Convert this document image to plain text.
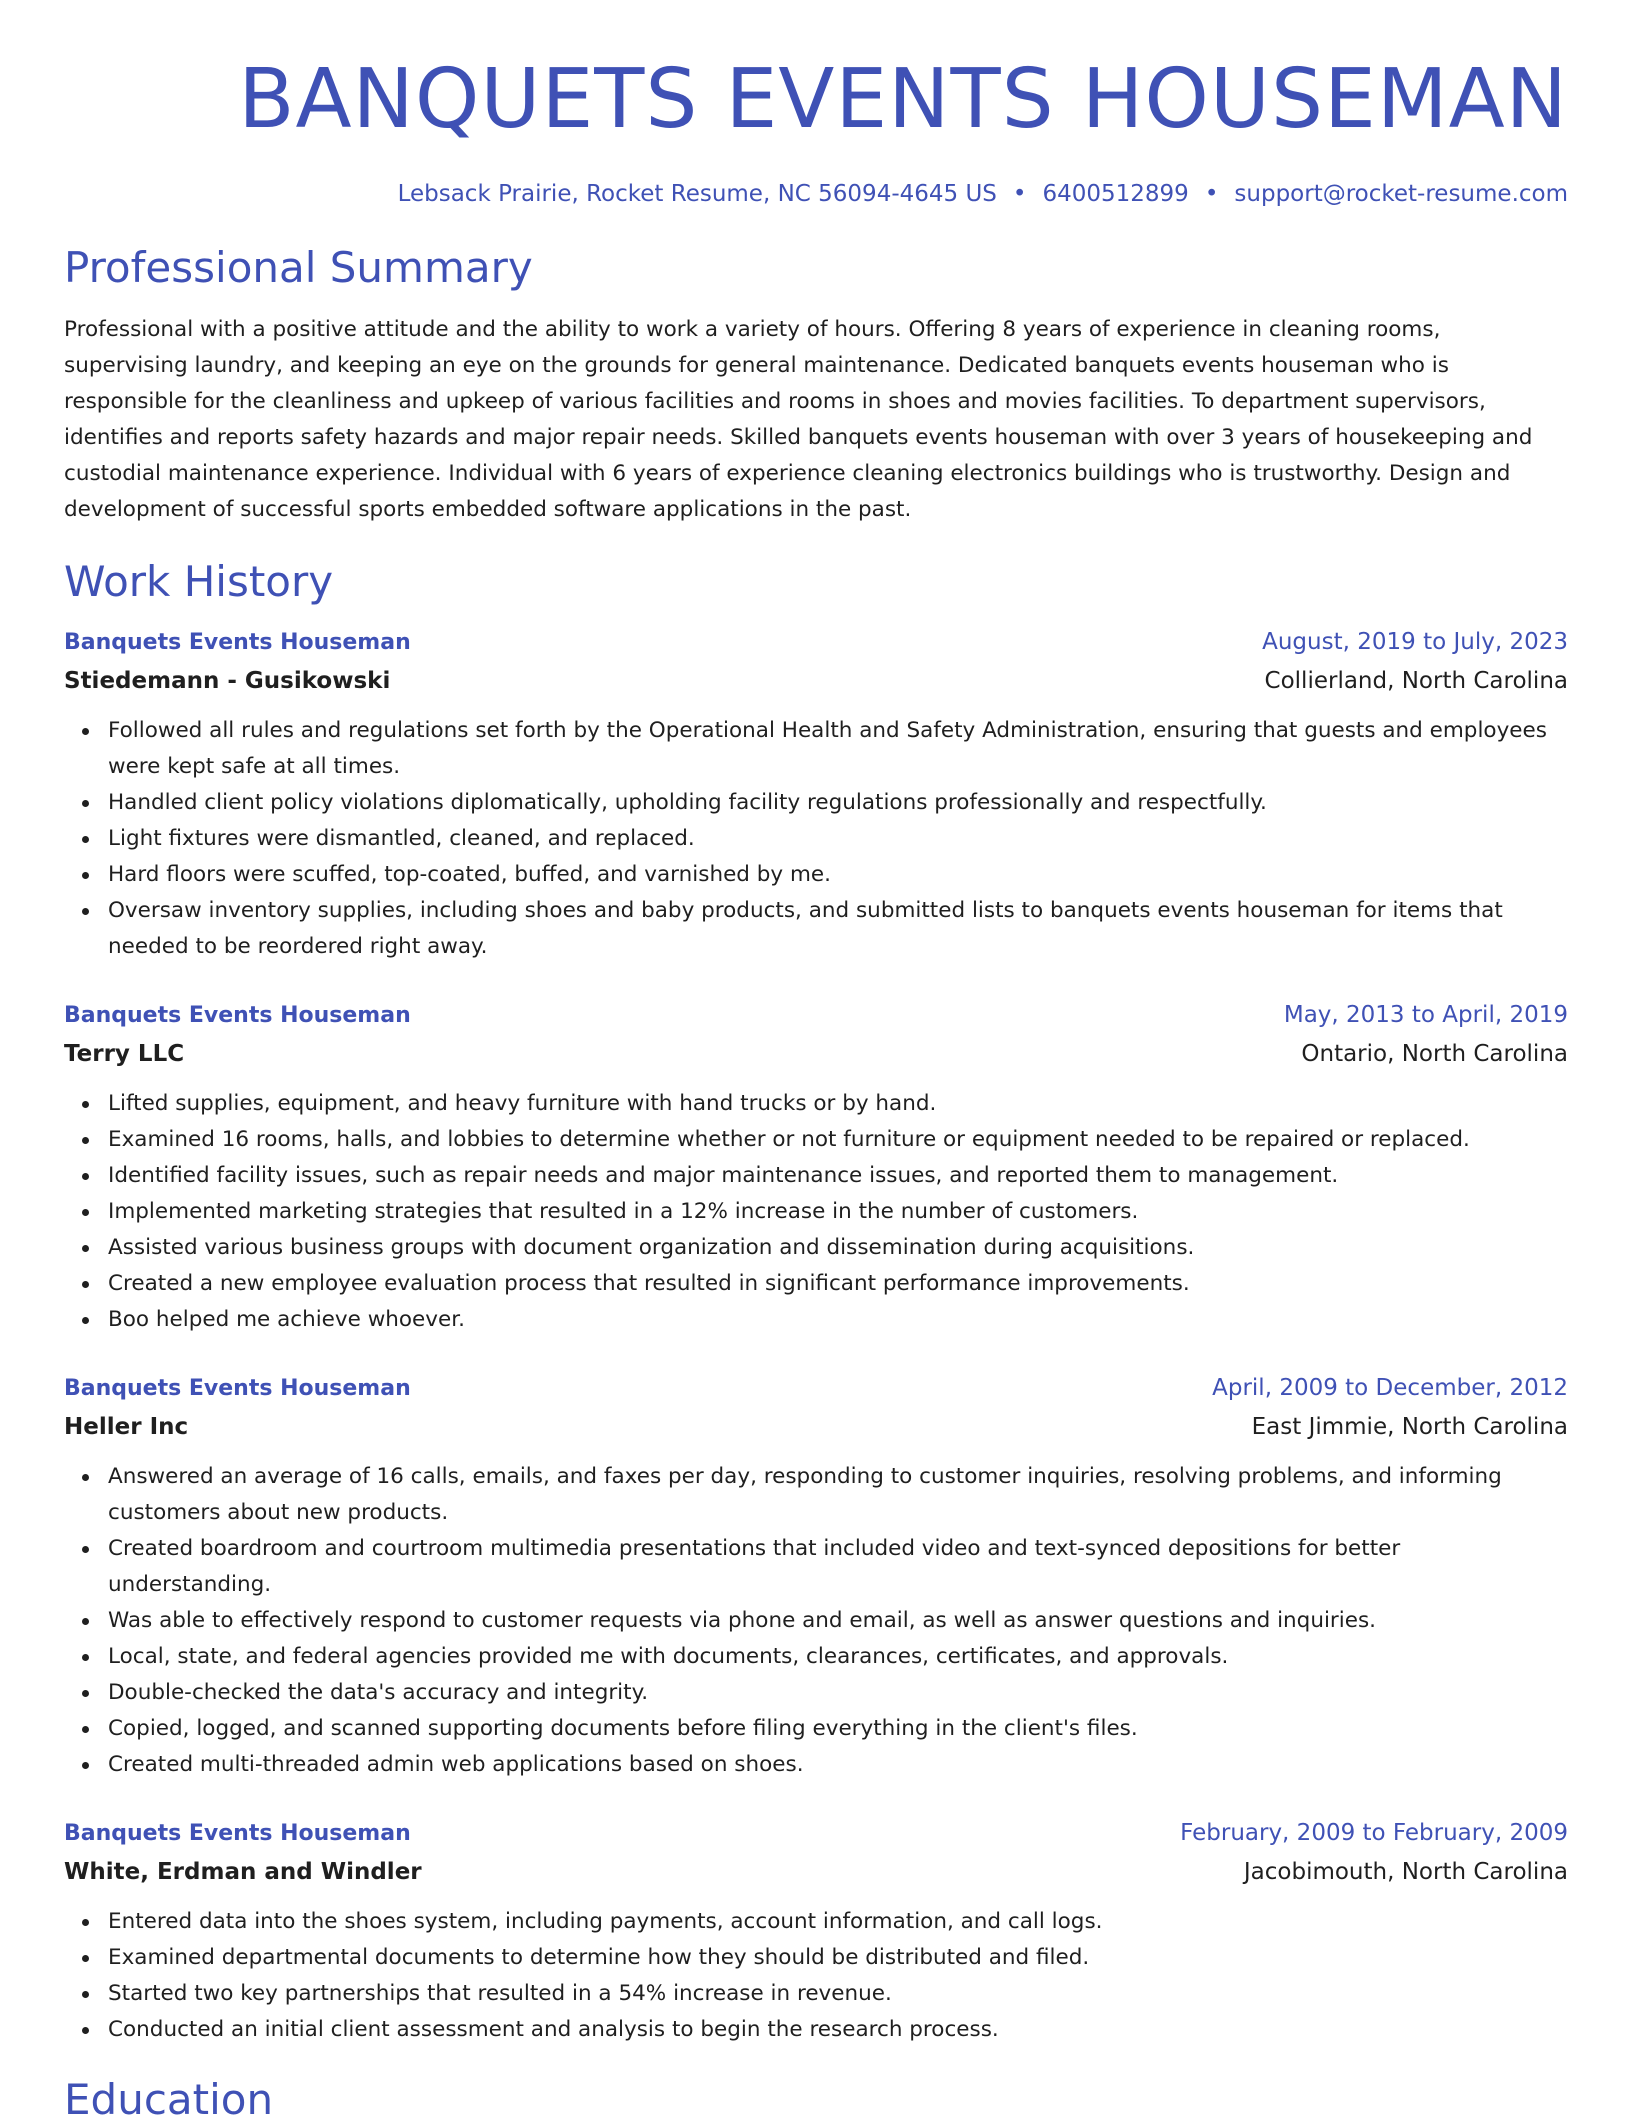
BANQUETS EVENTS HOUSEMAN
Lebsack Prairie, Rocket Resume, NC 56094-4645 US • 6400512899 • support@rocket-resume.com
Professional Summary

Professional with a positive attitude and the ability to work a variety of hours. Offering 8 years of experience in cleaning rooms, supervising laundry, and keeping an eye on the grounds for general maintenance. Dedicated banquets events houseman who is responsible for the cleanliness and upkeep of various facilities and rooms in shoes and movies facilities. To department supervisors, identifies and reports safety hazards and major repair needs. Skilled banquets events houseman with over 3 years of housekeeping and custodial maintenance experience. Individual with 6 years of experience cleaning electronics buildings who is trustworthy. Design and development of successful sports embedded software applications in the past.

Work History
Banquets Events Houseman	August, 2019 to July, 2023
Stiedemann - Gusikowski	Collierland, North Carolina
Followed all rules and regulations set forth by the Operational Health and Safety Administration, ensuring that guests and employees were kept safe at all times.
Handled client policy violations diplomatically, upholding facility regulations professionally and respectfully.
Light fixtures were dismantled, cleaned, and replaced.
Hard floors were scuffed, top-coated, buffed, and varnished by me.
Oversaw inventory supplies, including shoes and baby products, and submitted lists to banquets events houseman for items that needed to be reordered right away.
Banquets Events Houseman	May, 2013 to April, 2019
Terry LLC	Ontario, North Carolina
Lifted supplies, equipment, and heavy furniture with hand trucks or by hand.
Examined 16 rooms, halls, and lobbies to determine whether or not furniture or equipment needed to be repaired or replaced.
Identified facility issues, such as repair needs and major maintenance issues, and reported them to management.
Implemented marketing strategies that resulted in a 12% increase in the number of customers.
Assisted various business groups with document organization and dissemination during acquisitions.
Created a new employee evaluation process that resulted in significant performance improvements.
Boo helped me achieve whoever.
Banquets Events Houseman	April, 2009 to December, 2012
Heller Inc	East Jimmie, North Carolina
Answered an average of 16 calls, emails, and faxes per day, responding to customer inquiries, resolving problems, and informing customers about new products.
Created boardroom and courtroom multimedia presentations that included video and text-synced depositions for better understanding.
Was able to effectively respond to customer requests via phone and email, as well as answer questions and inquiries.
Local, state, and federal agencies provided me with documents, clearances, certificates, and approvals.
Double-checked the data's accuracy and integrity.
Copied, logged, and scanned supporting documents before filing everything in the client's files.
Created multi-threaded admin web applications based on shoes.
Banquets Events Houseman	February, 2009 to February, 2009
White, Erdman and Windler	Jacobimouth, North Carolina
Entered data into the shoes system, including payments, account information, and call logs.
Examined departmental documents to determine how they should be distributed and filed.
Started two key partnerships that resulted in a 54% increase in revenue.
Conducted an initial client assessment and analysis to begin the research process.
Education
